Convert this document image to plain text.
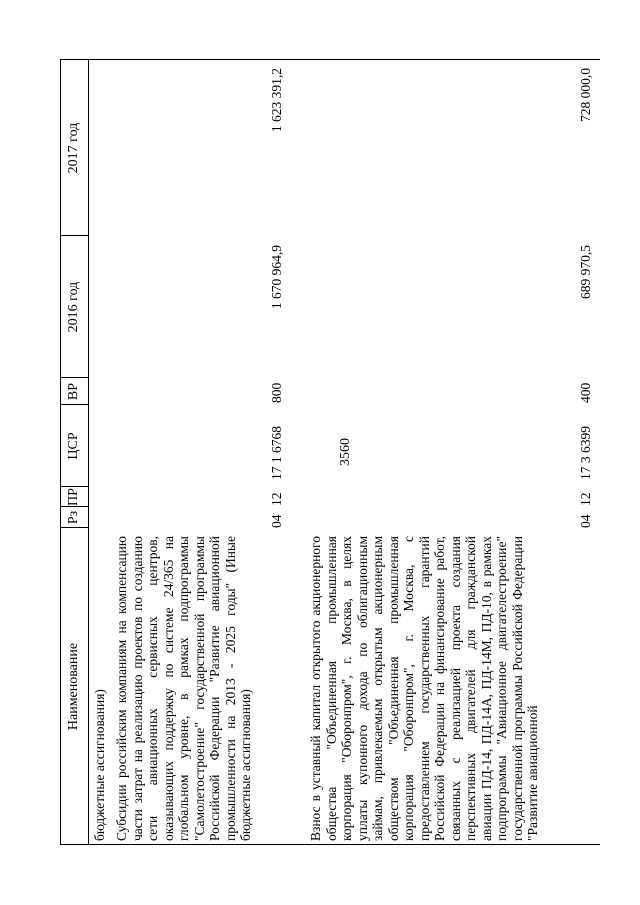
3560
Наименование
Рз
ПР
ЦСР
ВР
2016 год
2017 год
бюджетные ассигнования) Субсидии российским компаниям на компенсацию части затрат на реализацию проектов по созданию сети авиационных сервисных центров, оказывающих поддержку по системе 24/365 на глобальном уровне, в рамках подпрограммы "Самолетостроение" государственной программы Российской Федерации "Развитие авиационной промышленности на 2013 - 2025 годы" (Иные бюджетные ассигнования)
04
12
17 1 6768
800
1 670 964,9
1 623 391,2
Взнос в уставный капитал открытого акционерного общества "Объединенная промышленная корпорация "Оборонпром", г. Москва, в целях уплаты купонного дохода по облигационным займам, привлекаемым открытым акционерным обществом "Объединенная промышленная корпорация "Оборонпром", г. Москва, с предоставлением государственных гарантий Российской Федерации на финансирование работ, связанных с реализацией проекта создания перспективных двигателей для гражданской авиации ПД-14, ПД-14А, ПД-14М, ПД-10, в рамках подпрограммы "Авиационное двигателестроение" государственной программы Российской Федерации "Развитие авиационной
04
12
17 3 6399
400
689 970,5
728 000,0
